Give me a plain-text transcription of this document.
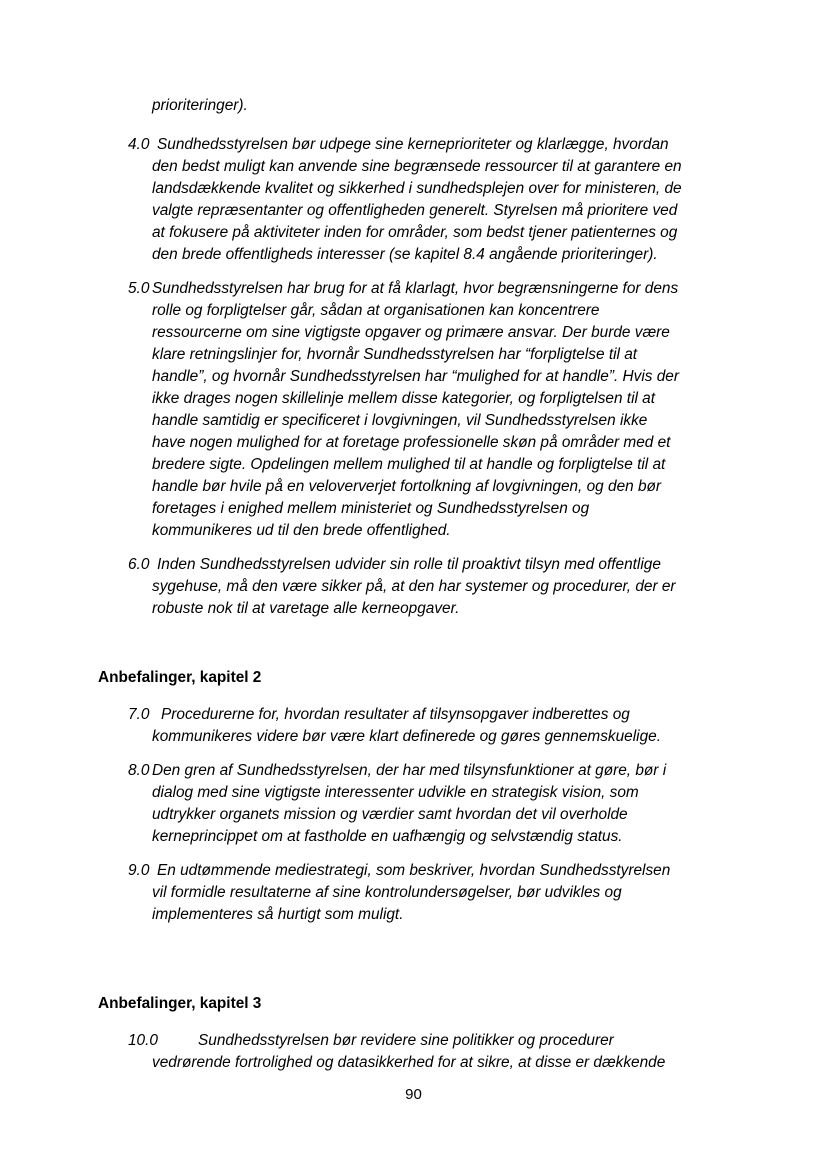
prioriteringer).
4.0 Sundhedsstyrelsen bør udpege sine kerneprioriteter og klarlægge, hvordan
den bedst muligt kan anvende sine begrænsede ressourcer til at garantere en
landsdækkende kvalitet og sikkerhed i sundhedsplejen over for ministeren, de
valgte repræsentanter og offentligheden generelt. Styrelsen må prioritere ved
at fokusere på aktiviteter inden for områder, som bedst tjener patienternes og
den brede offentligheds interesser (se kapitel 8.4 angående prioriteringer).
5.0 Sundhedsstyrelsen har brug for at få klarlagt, hvor begrænsningerne for dens
rolle og forpligtelser går, sådan at organisationen kan koncentrere
ressourcerne om sine vigtigste opgaver og primære ansvar. Der burde være
klare retningslinjer for, hvornår Sundhedsstyrelsen har “forpligtelse til at
handle”, og hvornår Sundhedsstyrelsen har “mulighed for at handle”. Hvis der
ikke drages nogen skillelinje mellem disse kategorier, og forpligtelsen til at
handle samtidig er specificeret i lovgivningen, vil Sundhedsstyrelsen ikke
have nogen mulighed for at foretage professionelle skøn på områder med et
bredere sigte. Opdelingen mellem mulighed til at handle og forpligtelse til at
handle bør hvile på en veloververjet fortolkning af lovgivningen, og den bør
foretages i enighed mellem ministeriet og Sundhedsstyrelsen og
kommunikeres ud til den brede offentlighed.
6.0 Inden Sundhedsstyrelsen udvider sin rolle til proaktivt tilsyn med offentlige
sygehuse, må den være sikker på, at den har systemer og procedurer, der er
robuste nok til at varetage alle kerneopgaver.
Anbefalinger, kapitel 2
7.0 Procedurerne for, hvordan resultater af tilsynsopgaver indberettes og
kommunikeres videre bør være klart definerede og gøres gennemskuelige.
8.0 Den gren af Sundhedsstyrelsen, der har med tilsynsfunktioner at gøre, bør i
dialog med sine vigtigste interessenter udvikle en strategisk vision, som
udtrykker organets mission og værdier samt hvordan det vil overholde
kerneprincippet om at fastholde en uafhængig og selvstændig status.
9.0 En udtømmende mediestrategi, som beskriver, hvordan Sundhedsstyrelsen
vil formidle resultaterne af sine kontrolundersøgelser, bør udvikles og
implementeres så hurtigt som muligt.
Anbefalinger, kapitel 3
10.0	Sundhedsstyrelsen bør revidere sine politikker og procedurer
vedrørende fortrolighed og datasikkerhed for at sikre, at disse er dækkende
90
